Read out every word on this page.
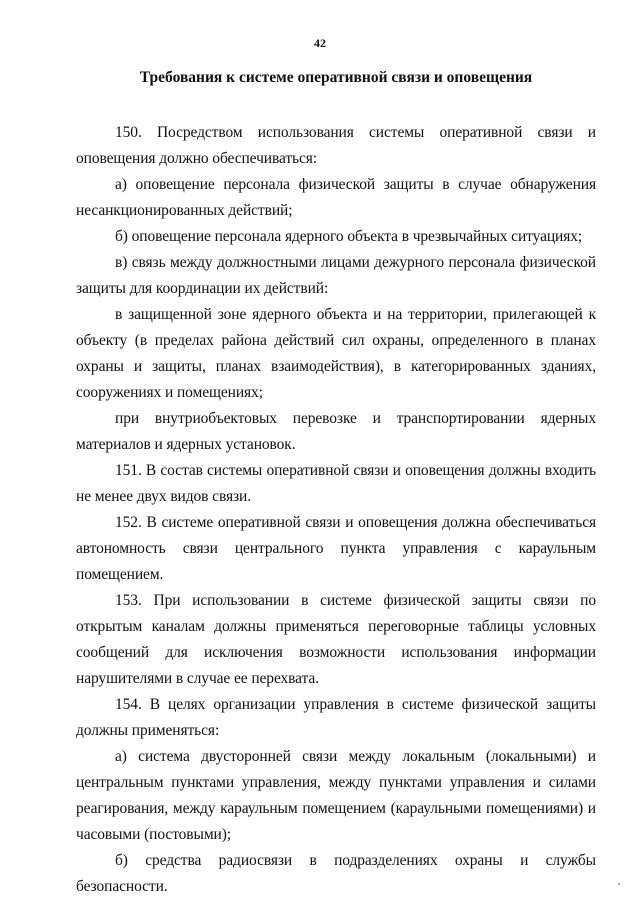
42
Требования к системе оперативной связи и оповещения

150. Посредством использования системы оперативной связи и оповещения должно обеспечиваться:

а) оповещение персонала физической защиты в случае обнаружения несанкционированных действий;

б) оповещение персонала ядерного объекта в чрезвычайных ситуациях;

в) связь между должностными лицами дежурного персонала физической защиты для координации их действий:

в защищенной зоне ядерного объекта и на территории, прилегающей к объекту (в пределах района действий сил охраны, определенного в планах охраны и защиты, планах взаимодействия), в категорированных зданиях, сооружениях и помещениях;

при внутриобъектовых перевозке и транспортировании ядерных материалов и ядерных установок.

151. В состав системы оперативной связи и оповещения должны входить не менее двух видов связи.

152. В системе оперативной связи и оповещения должна обеспечиваться автономность связи центрального пункта управления с караульным помещением.

153. При использовании в системе физической защиты связи по открытым каналам должны применяться переговорные таблицы условных сообщений для исключения возможности использования информации нарушителями в случае ее перехвата.

154. В целях организации управления в системе физической защиты должны применяться:

а) система двусторонней связи между локальным (локальными) и центральным пунктами управления, между пунктами управления и силами реагирования, между караульным помещением (караульными помещениями) и часовыми (постовыми);

б) средства радиосвязи в подразделениях охраны и службы безопасности.
